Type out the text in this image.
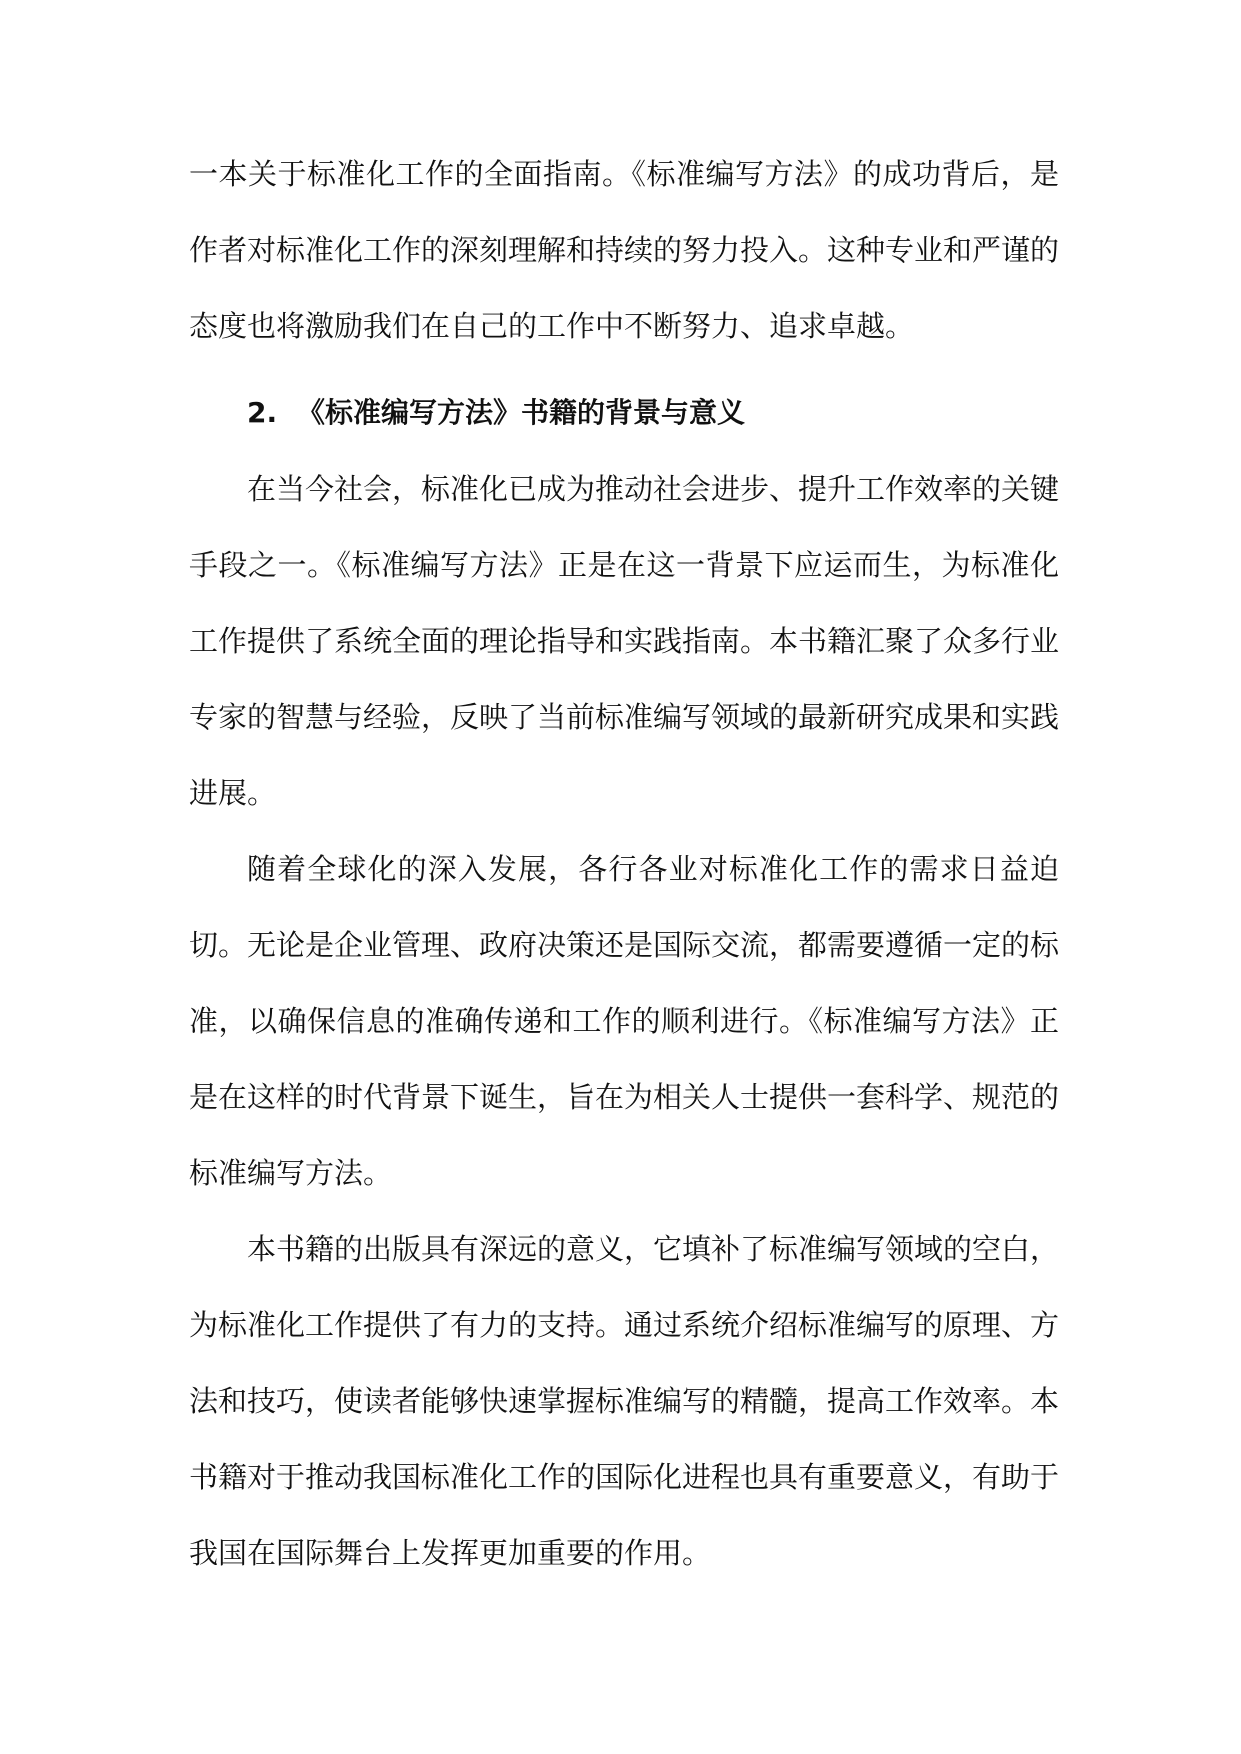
一本关于标准化工作的全面指南。《标准编写方法》的成功背后，是作者对标准化工作的深刻理解和持续的努力投入。这种专业和严谨的态度也将激励我们在自己的工作中不断努力、追求卓越。

2. 《标准编写方法》书籍的背景与意义

在当今社会，标准化已成为推动社会进步、提升工作效率的关键手段之一。《标准编写方法》正是在这一背景下应运而生，为标准化工作提供了系统全面的理论指导和实践指南。本书籍汇聚了众多行业专家的智慧与经验，反映了当前标准编写领域的最新研究成果和实践进展。

随着全球化的深入发展，各行各业对标准化工作的需求日益迫切。无论是企业管理、政府决策还是国际交流，都需要遵循一定的标准，以确保信息的准确传递和工作的顺利进行。《标准编写方法》正是在这样的时代背景下诞生，旨在为相关人士提供一套科学、规范的标准编写方法。

本书籍的出版具有深远的意义，它填补了标准编写领域的空白，为标准化工作提供了有力的支持。通过系统介绍标准编写的原理、方法和技巧，使读者能够快速掌握标准编写的精髓，提高工作效率。本书籍对于推动我国标准化工作的国际化进程也具有重要意义，有助于我国在国际舞台上发挥更加重要的作用。
